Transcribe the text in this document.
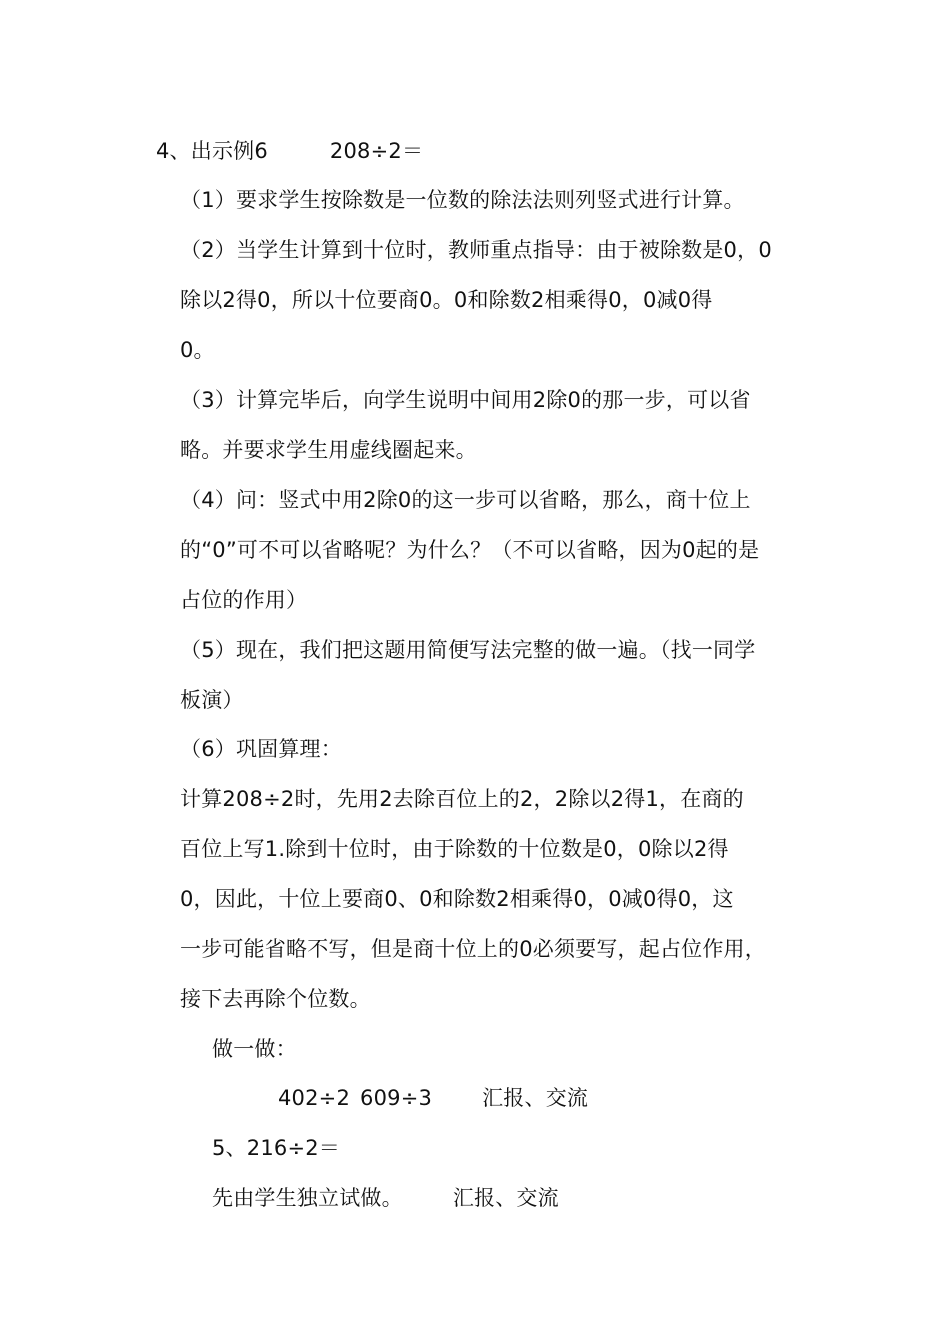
4、出示例6	208÷2＝
（1）要求学生按除数是一位数的除法法则列竖式进行计算。
（2）当学生计算到十位时，教师重点指导：由于被除数是0，0
除以2得0，所以十位要商0。0和除数2相乘得0，0减0得
0。
（3）计算完毕后，向学生说明中间用2除0的那一步，可以省
略。并要求学生用虚线圈起来。
（4）问：竖式中用2除0的这一步可以省略，那么，商十位上
的“0”可不可以省略呢？为什么？（不可以省略，因为0起的是
占位的作用）
（5）现在，我们把这题用简便写法完整的做一遍。（找一同学
板演）
（6）巩固算理：
计算208÷2时，先用2去除百位上的2，2除以2得1，在商的
百位上写1.除到十位时，由于除数的十位数是0，0除以2得
0，因此，十位上要商0、0和除数2相乘得0，0减0得0，这
一步可能省略不写，但是商十位上的0必须要写，起占位作用，
接下去再除个位数。
做一做：
402÷2 609÷3 汇报、交流
5、216÷2＝
先由学生独立试做。 汇报、交流
